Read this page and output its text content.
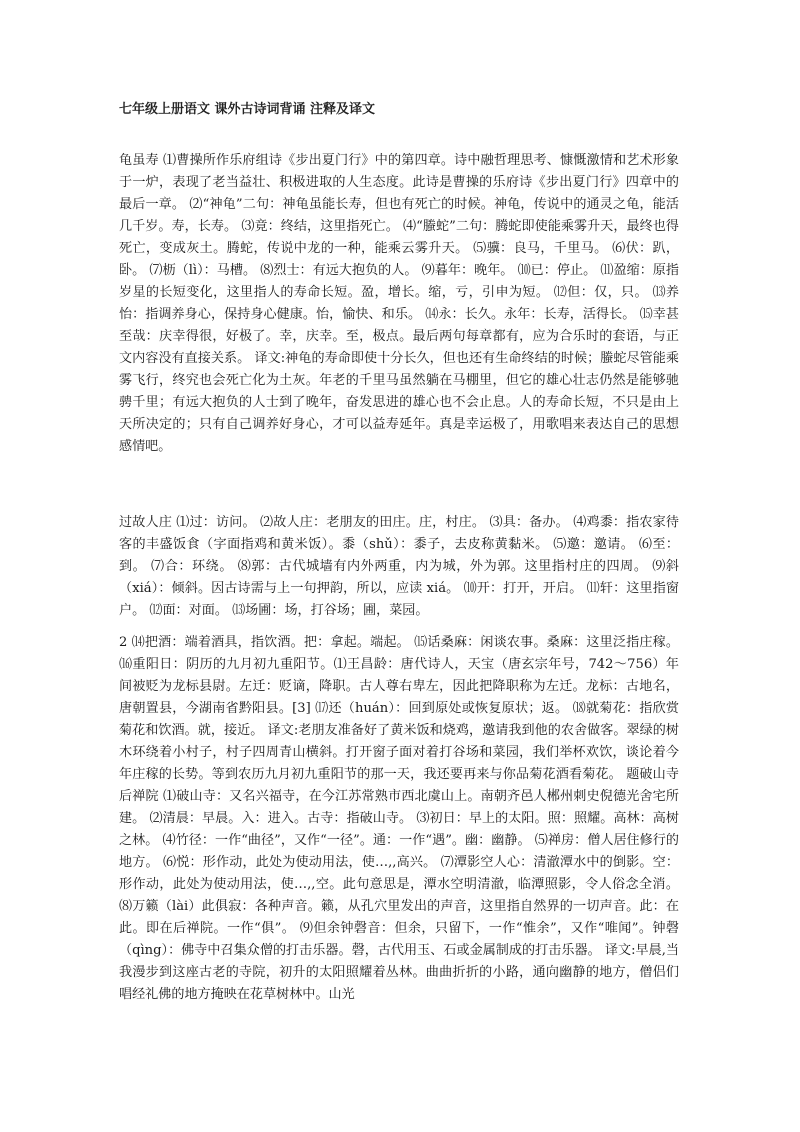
七年级上册语文 课外古诗词背诵 注释及译文

龟虽寿 ⑴曹操所作乐府组诗《步出夏门行》中的第四章。诗中融哲理思考、慷慨激情和艺术形象于一炉，表现了老当益壮、积极进取的人生态度。此诗是曹操的乐府诗《步出夏门行》四章中的最后一章。 ⑵“神龟”二句：神龟虽能长寿，但也有死亡的时候。神龟，传说中的通灵之龟，能活几千岁。寿，长寿。 ⑶竟：终结，这里指死亡。 ⑷“螣蛇”二句：腾蛇即使能乘雾升天，最终也得死亡，变成灰土。腾蛇，传说中龙的一种，能乘云雾升天。 ⑸骥：良马，千里马。 ⑹伏：趴，卧。 ⑺枥（lì）：马槽。 ⑻烈士：有远大抱负的人。 ⑼暮年：晚年。 ⑽已：停止。 ⑾盈缩：原指岁星的长短变化，这里指人的寿命长短。盈，增长。缩，亏，引申为短。 ⑿但：仅，只。 ⒀养怡：指调养身心，保持身心健康。怡，愉快、和乐。 ⒁永：长久。永年：长寿，活得长。 ⒂幸甚至哉：庆幸得很，好极了。幸，庆幸。至，极点。最后两句每章都有，应为合乐时的套语，与正文内容没有直接关系。 译文:神龟的寿命即使十分长久，但也还有生命终结的时候；螣蛇尽管能乘雾飞行，终究也会死亡化为土灰。年老的千里马虽然躺在马棚里，但它的雄心壮志仍然是能够驰骋千里；有远大抱负的人士到了晚年，奋发思进的雄心也不会止息。人的寿命长短，不只是由上天所决定的；只有自己调养好身心，才可以益寿延年。真是幸运极了，用歌唱来表达自己的思想感情吧。

过故人庄 ⑴过：访问。 ⑵故人庄：老朋友的田庄。庄，村庄。 ⑶具：备办。 ⑷鸡黍：指农家待客的丰盛饭食（字面指鸡和黄米饭）。黍（shǔ）：黍子，去皮称黄黏米。 ⑸邀：邀请。 ⑹至：到。 ⑺合：环绕。 ⑻郭：古代城墙有内外两重，内为城，外为郭。这里指村庄的四周。 ⑼斜（xiá）：倾斜。因古诗需与上一句押韵，所以，应读 xiá。 ⑽开：打开，开启。 ⑾轩：这里指窗户。 ⑿面：对面。 ⒀场圃：场，打谷场；圃，菜园。

2 ⒁把酒：端着酒具，指饮酒。把：拿起。端起。 ⒂话桑麻：闲谈农事。桑麻：这里泛指庄稼。 ⒃重阳日：阴历的九月初九重阳节。⑴王昌龄：唐代诗人，天宝（唐玄宗年号，742～756）年间被贬为龙标县尉。左迁：贬谪，降职。古人尊右卑左，因此把降职称为左迁。龙标：古地名，唐朝置县，今湖南省黔阳县。[3] ⒄还（huán）：回到原处或恢复原状；返。 ⒅就菊花：指欣赏菊花和饮酒。就，接近。 译文:老朋友准备好了黄米饭和烧鸡，邀请我到他的农舍做客。翠绿的树木环绕着小村子，村子四周青山横斜。打开窗子面对着打谷场和菜园，我们举杯欢饮，谈论着今年庄稼的长势。等到农历九月初九重阳节的那一天，我还要再来与你品菊花酒看菊花。 题破山寺后禅院 ⑴破山寺：又名兴福寺，在今江苏常熟市西北虞山上。南朝齐邑人郴州刺史倪德光舍宅所建。 ⑵清晨：早晨。入：进入。古寺：指破山寺。 ⑶初日：早上的太阳。照：照耀。高林：高树之林。 ⑷竹径：一作“曲径”，又作“一径”。通：一作“遇”。幽：幽静。 ⑸禅房：僧人居住修行的地方。 ⑹悦：形作动，此处为使动用法，使…,,高兴。 ⑺潭影空人心：清澈潭水中的倒影。空：形作动，此处为使动用法，使…,,空。此句意思是，潭水空明清澈，临潭照影，令人俗念全消。 ⑻万籁（lài）此俱寂：各种声音。籁，从孔穴里发出的声音，这里指自然界的一切声音。此：在此。即在后禅院。一作“俱”。 ⑼但余钟磬音：但余，只留下，一作“惟余”，又作“唯闻”。钟磬（qìng）：佛寺中召集众僧的打击乐器。磬，古代用玉、石或金属制成的打击乐器。 译文:早晨,当我漫步到这座古老的寺院，初升的太阳照耀着丛林。曲曲折折的小路，通向幽静的地方，僧侣们唱经礼佛的地方掩映在花草树林中。山光
